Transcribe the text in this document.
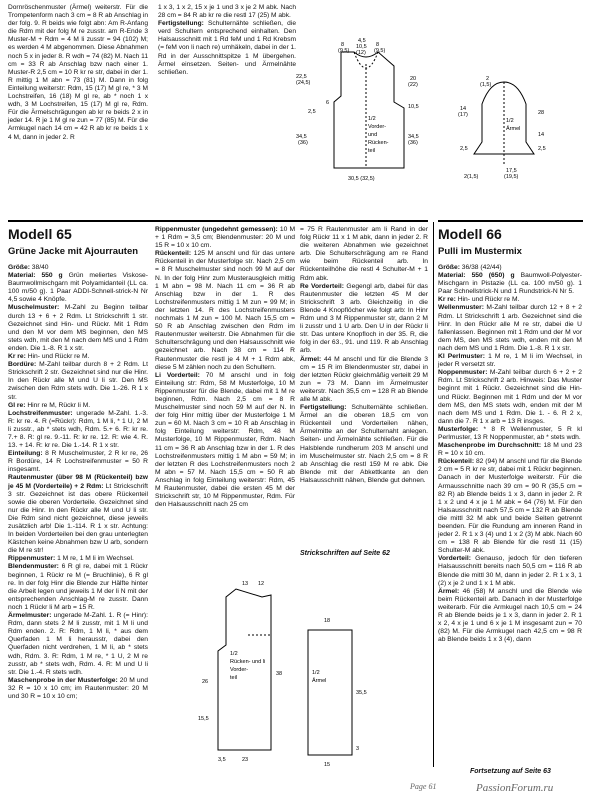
Dornröschenmuster (Ärmel) weiterstr. Für die Trompetenform nach 3 cm = 8 R ab Anschlag in der folg. 9. R beids wie folgt abn: Am R-Anfang die Rdm mit der folg M re zusstr. am R-Ende 3 Muster-M + Rdm = 4 M li zusstr = 94 (102) M; es werden 4 M abgenommen. Diese Abnahmen noch 5 x in jeder 8. R wdh = 74 (82) M. Nach 11 cm = 33 R ab Anschlag bzw nach einer 1. Muster-R 2,5 cm = 10 R kr re str, dabei in der 1. R mittig 1 M abn = 73 (81) M. Dann in folg Einteilung weiterstr: Rdm, 15 (17) M gl re, * 3 M Lochstreifen, 16 (18) M gl re, ab * noch 1 x wdh, 3 M Lochstreifen, 15 (17) M gl re, Rdm. Für die Ärmelschrägungen ab kr re beids 2 x in jeder 14. R je 1 M gl re zun = 77 (85) M. Für die Armkugel nach 14 cm = 42 R ab kr re beids 1 x 4 M, dann in jeder 2. R

1 x 3, 1 x 2, 15 x je 1 und 3 x je 2 M abk. Nach 28 cm = 84 R ab kr re die restl 17 (25) M abk.

Fertigstellung: Schulternähte schließen, die verd Schultern entsprechend einhalten. Den Halsausschnitt mit 1 Rd feM und 1 Rd Krebsm (= feM von li nach re) umhäkeln, dabei in der 1. Rd in der Ausschnittspitze 1 M übergehen. Ärmel einsetzen. Seiten- und Ärmelnähte schließen.

8
(9,5)
4,5
10,5
(12)
8
(9,5)
22,5
(24,5)
2,5
6
34,5
(36)
1/2
Vorder-
und
Rücken-
teil
20
(22)
10,5
34,5
(36)
30,5 (32,5)
2
(1,5)
14
(17)
1/2
Ärmel
28
14
2,5
2,5
17,5
(19,5)
2(1,5)
Modell 65
Grüne Jacke mit Ajourrauten

Größe: 38/40

Material: 550 g Grün meliertes Viskose-Baumwollmischgarn mit Polyamidanteil (LL ca. 100 m/50 g). 1 Paar ADDI-Schnell-strick-N Nr 4,5 sowie 4 Knöpfe.

Muschelmuster: M-Zahl zu Beginn teilbar durch 13 + 6 + 2 Rdm. Lt Strickschrift 1 str. Gezeichnet sind Hin- und Rückr. Mit 1 Rdm und den M vor dem MS beginnen, den MS stets wdh, mit den M nach dem MS und 1 Rdm enden. Die 1.-8. R 1 x str.

Kr re: Hin- und Rückr re M.

Bordüre: M-Zahl teilbar durch 8 + 2 Rdm. Lt Strickschrift 2 str. Gezeichnet sind nur die Hinr. In den Rückr alle M und U li str. Den MS zwischen den Rdm stets wdh. Die 1.-26. R 1 x str.

Gl re: Hinr re M, Rückr li M.

Lochstreifenmuster: ungerade M-Zahl. 1.-3. R: kr re. 4. R (=Rückr): Rdm, 1 M li, * 1 U, 2 M li zusstr., ab * stets wdh, Rdm. 5.+ 6. R: kr re. 7.+ 8. R: gl re. 9.-11. R: kr re. 12. R: wie 4. R. 13. + 14. R: kr re. Die 1.-14. R 1 x str.

Einteilung: 8 R Muschelmuster, 2 R kr re, 26 R Bordüre, 14 R Lochstreifenmuster = 50 R insgesamt.

Rautenmuster (über 98 M (Rückenteil) bzw je 45 M (Vorderteile) + 2 Rdm: Lt Strickschrift 3 str. Gezeichnet ist das obere Rückenteil sowie die oberen Vorderteile. Gezeichnet sind nur die Hinr. In den Rückr alle M und U li str. Die Rdm sind nicht gezeichnet, diese jeweils zusätzlich arb! Die 1.-114. R 1 x str. Achtung: In beiden Vorderteilen bei den grau unterlegten Kästchen keine Abnahmen bzw U arb, sondern die M re str!

Rippenmuster: 1 M re, 1 M li im Wechsel.

Blendenmuster: 6 R gl re, dabei mit 1 Rückr beginnen, 1 Rückr re M (= Bruchlinie), 6 R gl re. In der folg Hinr die Blende zur Hälfte hinter die Arbeit legen und jeweils 1 M der li N mit der entsprechenden Anschlag-M re zusstr. Dann noch 1 Rückr li M arb = 15 R.

Ärmelmuster: ungerade M-Zahl. 1. R (= Hinr): Rdm, dann stets 2 M li zusstr, mit 1 M li und Rdm enden. 2. R: Rdm, 1 M li, * aus dem Querfaden 1 M li herausstr, dabei den Querfaden nicht verdrehen, 1 M li, ab * stets wdh, Rdm. 3. R: Rdm, 1 M re, * 1 U, 2 M re zusstr, ab * stets wdh, Rdm. 4. R: M und U li str. Die 1.-4. R stets wdh.

Maschenprobe in der Musterfolge: 20 M und 32 R = 10 x 10 cm; im Rautenmuster: 20 M und 30 R = 10 x 10 cm;

Rippenmuster (ungedehnt gemessen): 10 M + 1 Rdm = 3,5 cm; Blendenmuster: 20 M und 15 R = 10 x 10 cm.

Rückenteil: 125 M anschl und für das untere Rückenteil in der Musterfolge str. Nach 2,5 cm = 8 R Muschelmuster sind noch 99 M auf der N. In der folg Hinr zum Musterausgleich mittig 1 M abn = 98 M. Nach 11 cm = 36 R ab Anschlag bzw in der 1. R des Lochstreifenmusters mittig 1 M zun = 99 M; in der letzten 14. R des Lochstreifenmusters nochmals 1 M zun = 100 M. Nach 15,5 cm = 50 R ab Anschlag zwischen den Rdm im Rautenmuster weiterstr. Die Abnahmen für die Schulterschrägung und den Halsausschnitt wie gezeichnet arb. Nach 38 cm = 114 R Rautenmuster die restl je 4 M + 1 Rdm abk, diese 5 M zählen noch zu den Schultern.

Li Vorderteil: 70 M anschl und in folg Einteilung str: Rdm, 58 M Musterfolge, 10 M Rippenmuster für die Blende, dabei mit 1 M re beginnen, Rdm. Nach 2,5 cm = 8 R Muschelmuster sind noch 59 M auf der N. In der folg Hinr mittig über der Musterfolge 1 M zun = 60 M. Nach 3 cm = 10 R ab Anschlag in folg Einteilung weiterstr: Rdm, 48 M Musterfolge, 10 M Rippenmuster, Rdm. Nach 11 cm = 36 R ab Anschlag bzw in der 1. R des Lochstreifenmusters mittig 1 M abn = 59 M; in der letzten R des Lochstreifenmusters noch 2 M abn = 57 M. Nach 15,5 cm = 50 R ab Anschlag in folg Einteilung weiterstr: Rdm, 45 M Rautenmuster, dabei die ersten 45 M der Strickschrift str, 10 M Rippenmuster, Rdm. Für den Halsausschnitt nach 25 cm

= 75 R Rautenmuster am li Rand in der folg Rückr 11 x 1 M abk, dann in jeder 2. R die weiteren Abnahmen wie gezeichnet arb. Die Schulterschrägung am re Rand wie beim Rückenteil arb. In Rückenteilhöhe die restl 4 Schulter-M + 1 Rdm abk.

Re Vorderteil: Gegengl arb, dabei für das Rautenmuster die letzten 45 M der Strickschrift 3 arb. Gleichzeitig in die Blende 4 Knopflöcher wie folgt arb: In Hinr Rdm und 3 M Rippenmuster str, dann 2 M li zusstr und 1 U arb. Den U in der Rückr li str. Das untere Knopfloch in der 35. R, die folg in der 63., 91. und 119. R ab Anschlag arb.

Ärmel: 44 M anschl und für die Blende 3 cm = 15 R im Blendenmuster str, dabei in der letzten Rückr gleichmäßig verteilt 29 M zun = 73 M. Dann im Ärmelmuster weiterstr. Nach 35,5 cm = 128 R ab Blende alle M abk.

Fertigstellung: Schulternähte schließen. Ärmel an die oberen 18,5 cm von Rückenteil und Vorderteilen nähen, Ärmelmitte an der Schulternaht anlegen. Seiten- und Ärmelnähte schließen. Für die Halsblende rundherum 203 M anschl und im Muschelmuster str. Nach 2,5 cm = 8 R ab Anschlag die restl 159 M re abk. Die Blende mit der Abkettkante an den Halsausschnitt nähen, Blende gut dehnen.

Strickschriften auf Seite 62
13 12
26
15,5
1/2
Rücken- und li
Vorder-
teil
38
3,5	23
18
1/2
Ärmel
35,5
15
3
Modell 66
Pulli im Mustermix

Größe: 36/38 (42/44)

Material: 550 (650) g Baumwoll-Polyester-Mischgarn in Pistazie (LL ca. 100 m/50 g). 1 Paar Schnellstrick-N und 1 Rundstrick-N Nr 5.

Kr re: Hin- und Rückr re M.

Wellenmuster: M-Zahl teilbar durch 12 + 8 + 2 Rdm. Lt Strickschrift 1 arb. Gezeichnet sind die Hinr. In den Rückr alle M re str, dabei die U fallenlassen. Beginnen mit 1 Rdm und der M vor dem MS, den MS stets wdh, enden mit den M nach dem MS und 1 Rdm. Die 1.-8. R 1 x str.

Kl Perlmuster: 1 M re, 1 M li im Wechsel, in jeder R versetzt str.

Noppenmuster: M-Zahl teilbar durch 6 + 2 + 2 Rdm. Lt Strickschrift 2 arb. Hinweis: Das Muster beginnt mit 1 Rückr. Gezeichnet sind die Hin- und Rückr. Beginnen mit 1 Rdm und der M vor dem MS, den MS stets wdh, enden mit der M nach dem MS und 1 Rdm. Die 1. - 6. R 2 x, dann die 7. R 1 x arb = 13 R insges.

Musterfolge: * 8 R Wellenmuster, 5 R kl Perlmuster, 13 R Noppenmuster, ab * stets wdh.

Maschenprobe im Durchschnitt: 18 M und 23 R = 10 x 10 cm.

Rückenteil: 82 (94) M anschl und für die Blende 2 cm = 5 R kr re str, dabei mit 1 Rückr beginnen. Danach in der Musterfolge weiterstr. Für die Armausschnitte nach 39 cm = 90 R (35,5 cm = 82 R) ab Blende beids 1 x 3, dann in jeder 2. R 1 x 2 und 4 x je 1 M abk = 64 (76) M. Für den Halsausschnitt nach 57,5 cm = 132 R ab Blende die mittl 32 M abk und beide Seiten getrennt beenden. Für die Rundung am inneren Rand in jeder 2. R 1 x 3 (4) und 1 x 2 (3) M abk. Nach 60 cm = 138 R ab Blende für die restl 11 (15) Schulter-M abk.

Vorderteil: Genauso, jedoch für den tieferen Halsausschnitt bereits nach 50,5 cm = 116 R ab Blende die mittl 30 M, dann in jeder 2. R 1 x 3, 1 (2) x je 2 und 1 x 1 M abk.

Ärmel: 46 (58) M anschl und die Blende wie beim Rückenteil arb. Danach in der Musterfolge weiterarb. Für die Armkugel nach 10,5 cm = 24 R ab Blende beids je 1 x 3, dann in jeder 2. R 1 x 2, 4 x je 1 und 6 x je 1 M insgesamt zun = 70 (82) M. Für die Armkugel nach 42,5 cm = 98 R ab Blende beids 1 x 3 (4), dann

Fortsetzung auf Seite 63
PassionForum.ru
Page 61
